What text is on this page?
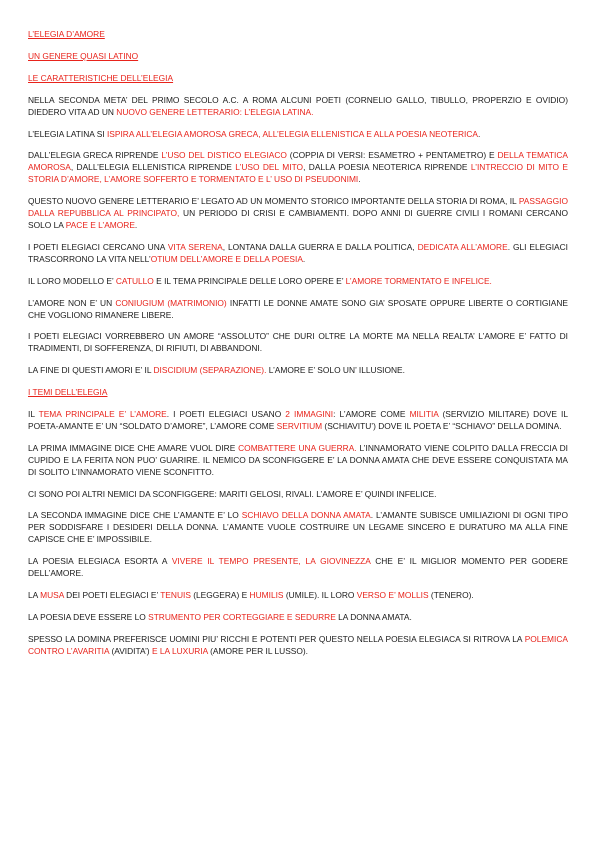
L’ELEGIA D’AMORE
UN GENERE QUASI LATINO
LE CARATTERISTICHE DELL’ELEGIA
NELLA SECONDA META’ DEL PRIMO SECOLO A.C. A ROMA ALCUNI POETI (CORNELIO GALLO, TIBULLO, PROPERZIO E OVIDIO) DIEDERO VITA AD UN NUOVO GENERE LETTERARIO: L’ELEGIA LATINA.
L’ELEGIA LATINA SI ISPIRA ALL’ELEGIA AMOROSA GRECA, ALL’ELEGIA ELLENISTICA E ALLA POESIA NEOTERICA.
DALL’ELEGIA GRECA RIPRENDE L’USO DEL DISTICO ELEGIACO (COPPIA DI VERSI: ESAMETRO + PENTAMETRO) E DELLA TEMATICA AMOROSA, DALL’ELEGIA ELLENISTICA RIPRENDE L’USO DEL MITO, DALLA POESIA NEOTERICA RIPRENDE L’INTRECCIO DI MITO E STORIA D’AMORE, L’AMORE SOFFERTO E TORMENTATO E L’ USO DI PSEUDONIMI.
QUESTO NUOVO GENERE LETTERARIO E’ LEGATO AD UN MOMENTO STORICO IMPORTANTE DELLA STORIA DI ROMA, IL PASSAGGIO DALLA REPUBBLICA AL PRINCIPATO, UN PERIODO DI CRISI E CAMBIAMENTI. DOPO ANNI DI GUERRE CIVILI I ROMANI CERCANO SOLO LA PACE E L’AMORE.
I POETI ELEGIACI CERCANO UNA VITA SERENA, LONTANA DALLA GUERRA E DALLA POLITICA, DEDICATA ALL’AMORE. GLI ELEGIACI TRASCORRONO LA VITA NELL’OTIUM DELL’AMORE E DELLA POESIA.
IL LORO MODELLO E’ CATULLO E IL TEMA PRINCIPALE DELLE LORO OPERE E’ L’AMORE TORMENTATO E INFELICE.
L’AMORE NON E’ UN CONIUGIUM (MATRIMONIO) INFATTI LE DONNE AMATE SONO GIA’ SPOSATE OPPURE LIBERTE O CORTIGIANE CHE VOGLIONO RIMANERE LIBERE.
I POETI ELEGIACI VORREBBERO UN AMORE “ASSOLUTO” CHE DURI OLTRE LA MORTE MA NELLA REALTA’ L’AMORE E’ FATTO DI TRADIMENTI, DI SOFFERENZA, DI RIFIUTI, DI ABBANDONI.
LA FINE DI QUESTI AMORI E’ IL DISCIDIUM (SEPARAZIONE). L’AMORE E’ SOLO UN’ ILLUSIONE.
I TEMI DELL’ELEGIA
IL TEMA PRINCIPALE E’ L’AMORE. I POETI ELEGIACI USANO 2 IMMAGINI: L’AMORE COME MILITIA (SERVIZIO MILITARE) DOVE IL POETA-AMANTE E’ UN “SOLDATO D’AMORE”, L’AMORE COME SERVITIUM (SCHIAVITU’) DOVE IL POETA E’ “SCHIAVO” DELLA DOMINA.
LA PRIMA IMMAGINE DICE CHE AMARE VUOL DIRE COMBATTERE UNA GUERRA. L’INNAMORATO VIENE COLPITO DALLA FRECCIA DI CUPIDO E LA FERITA NON PUO’ GUARIRE. IL NEMICO DA SCONFIGGERE E’ LA DONNA AMATA CHE DEVE ESSERE CONQUISTATA MA DI SOLITO L’INNAMORATO VIENE SCONFITTO.
CI SONO POI ALTRI NEMICI DA SCONFIGGERE: MARITI GELOSI, RIVALI. L’AMORE E’ QUINDI INFELICE.
LA SECONDA IMMAGINE DICE CHE L’AMANTE E’ LO SCHIAVO DELLA DONNA AMATA. L’AMANTE SUBISCE UMILIAZIONI DI OGNI TIPO PER SODDISFARE I DESIDERI DELLA DONNA. L’AMANTE VUOLE COSTRUIRE UN LEGAME SINCERO E DURATURO MA ALLA FINE CAPISCE CHE E’ IMPOSSIBILE.
LA POESIA ELEGIACA ESORTA A VIVERE IL TEMPO PRESENTE, LA GIOVINEZZA CHE E’ IL MIGLIOR MOMENTO PER GODERE DELL’AMORE.
LA MUSA DEI POETI ELEGIACI E’ TENUIS (LEGGERA) E HUMILIS (UMILE). IL LORO VERSO E’ MOLLIS (TENERO).
LA POESIA DEVE ESSERE LO STRUMENTO PER CORTEGGIARE E SEDURRE LA DONNA AMATA.
SPESSO LA DOMINA PREFERISCE UOMINI PIU’ RICCHI E POTENTI PER QUESTO NELLA POESIA ELEGIACA SI RITROVA LA POLEMICA CONTRO L’AVARITIA (AVIDITA’) E LA LUXURIA (AMORE PER IL LUSSO).
